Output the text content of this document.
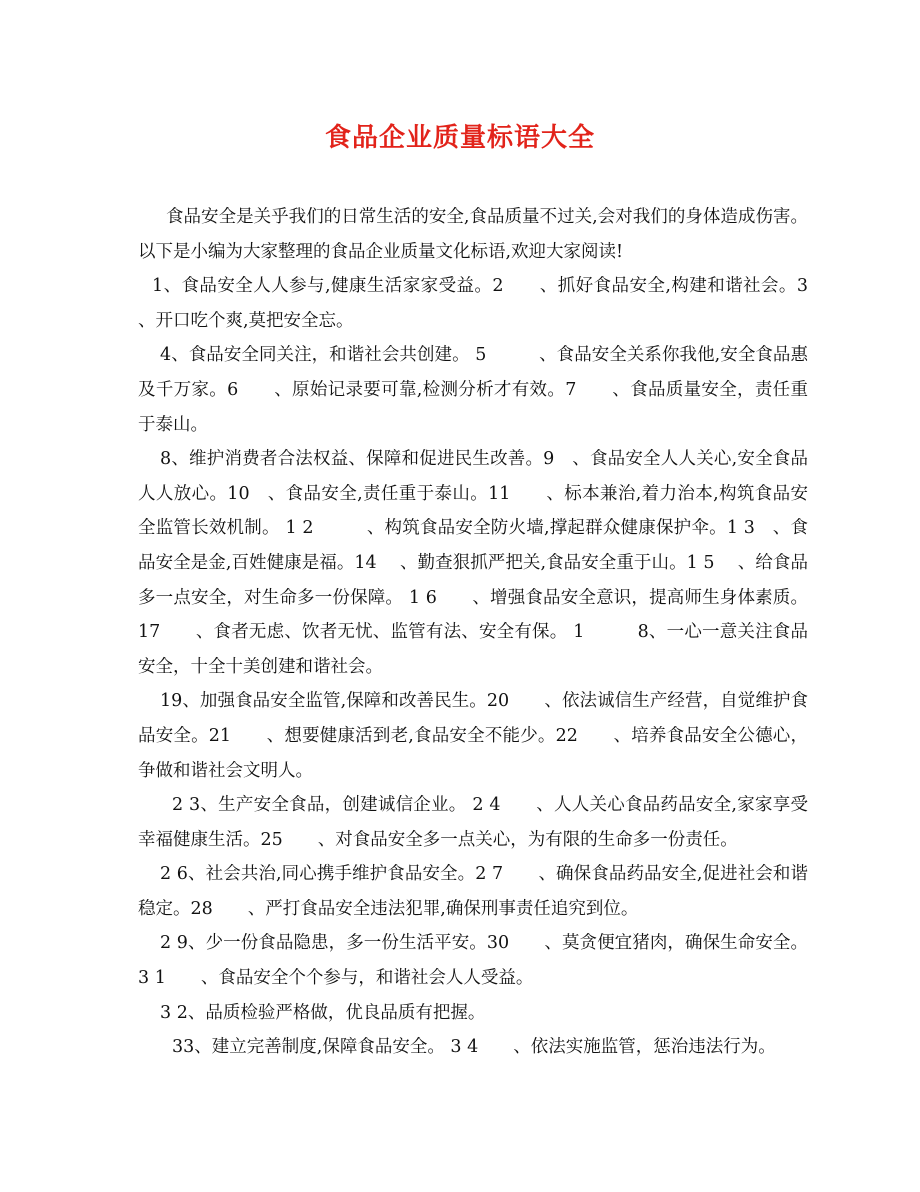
食品企业质量标语大全

食品安全是关乎我们的日常生活的安全,食品质量不过关,会对我们的身体造成伤害。以下是小编为大家整理的食品企业质量文化标语,欢迎大家阅读!

1、食品安全人人参与,健康生活家家受益。2　　、抓好食品安全,构建和谐社会。3　　、开口吃个爽,莫把安全忘。

4、食品安全同关注，和谐社会共创建。 5　　　、食品安全关系你我他,安全食品惠及千万家。6　　、原始记录要可靠,检测分析才有效。7　　、食品质量安全，责任重于泰山。

8、维护消费者合法权益、保障和促进民生改善。9　、食品安全人人关心,安全食品人人放心。10　、食品安全,责任重于泰山。11　　、标本兼治,着力治本,构筑食品安全监管长效机制。 1 2　　　、构筑食品安全防火墙,撑起群众健康保护伞。1 3　、食品安全是金,百姓健康是福。14　 、勤查狠抓严把关,食品安全重于山。1 5　 、给食品多一点安全，对生命多一份保障。 1 6　　、增强食品安全意识，提高师生身体素质。17　　、食者无虑、饮者无忧、监管有法、安全有保。 1　　　8、一心一意关注食品安全，十全十美创建和谐社会。

19、加强食品安全监管,保障和改善民生。20　　、依法诚信生产经营，自觉维护食品安全。21　　、想要健康活到老,食品安全不能少。22　　、培养食品安全公德心，争做和谐社会文明人。

2 3、生产安全食品，创建诚信企业。 2 4　　、人人关心食品药品安全,家家享受幸福健康生活。25　　、对食品安全多一点关心，为有限的生命多一份责任。

2 6、社会共治,同心携手维护食品安全。2 7　　、确保食品药品安全,促进社会和谐稳定。28　　、严打食品安全违法犯罪,确保刑事责任追究到位。

2 9、少一份食品隐患，多一份生活平安。30　　、莫贪便宜猪肉，确保生命安全。3 1　　、食品安全个个参与，和谐社会人人受益。

3 2、品质检验严格做，优良品质有把握。

33、建立完善制度,保障食品安全。 3 4　　、依法实施监管，惩治违法行为。
